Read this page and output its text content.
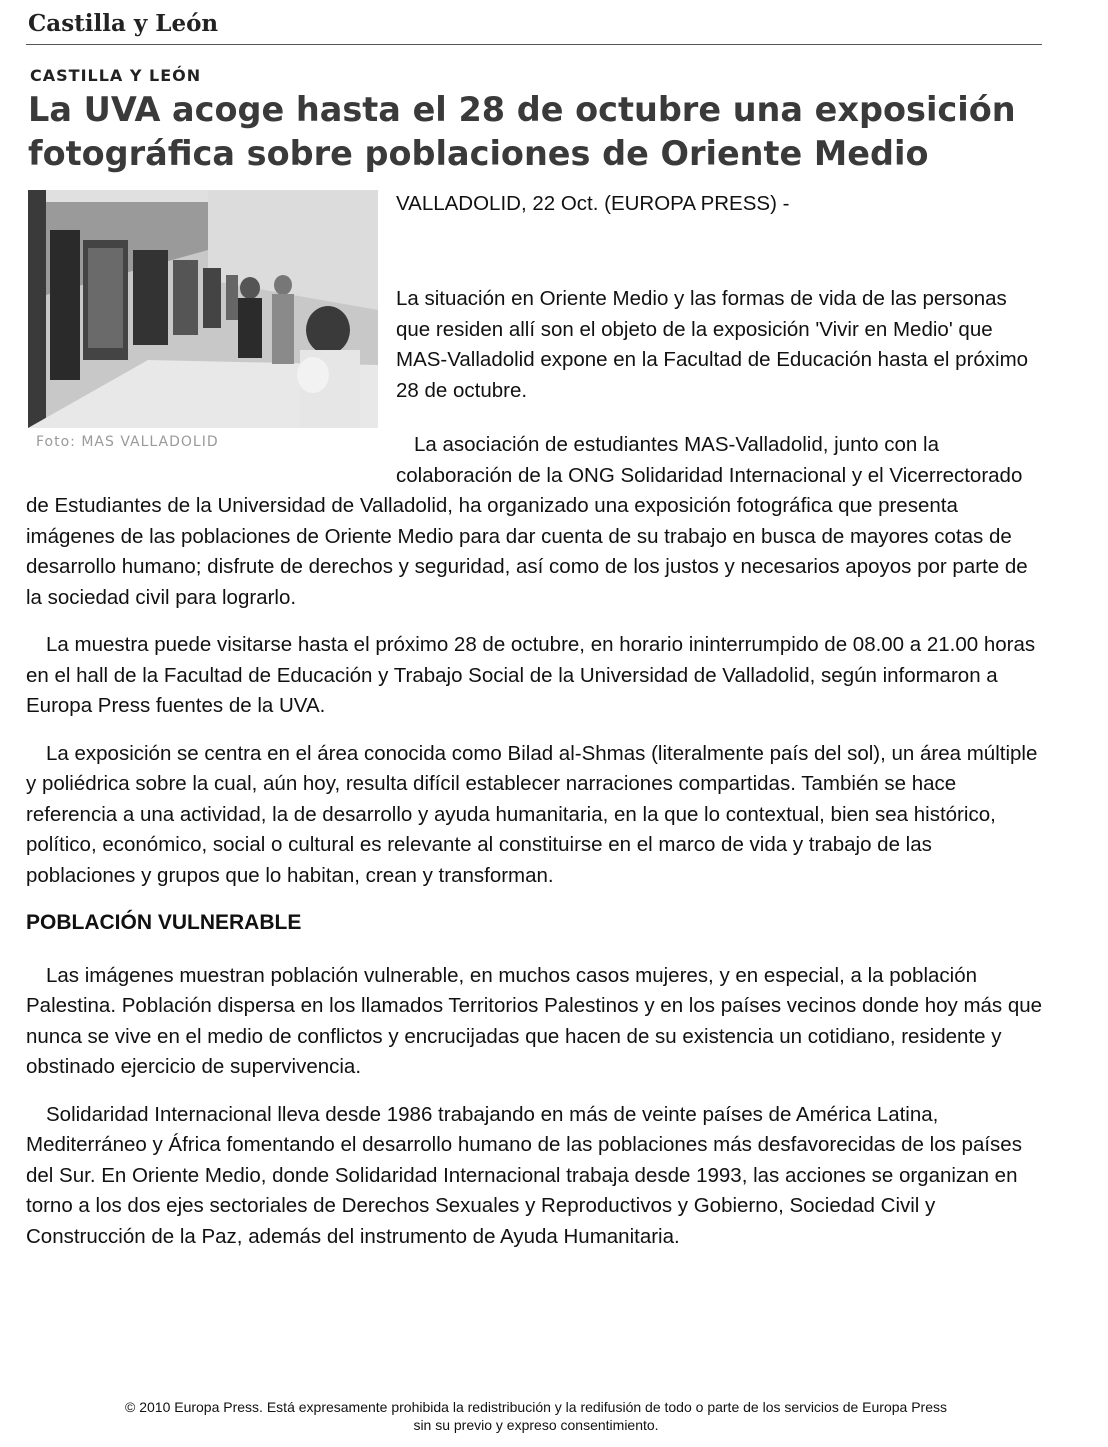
Castilla y León
CASTILLA Y LEÓN
La UVA acoge hasta el 28 de octubre una exposición fotográfica sobre poblaciones de Oriente Medio
Foto: MAS VALLADOLID
VALLADOLID, 22 Oct. (EUROPA PRESS) -

La situación en Oriente Medio y las formas de vida de las personas que residen allí son el objeto de la exposición 'Vivir en Medio' que MAS-Valladolid expone en la Facultad de Educación hasta el próximo 28 de octubre.

La asociación de estudiantes MAS-Valladolid, junto con la colaboración de la ONG Solidaridad Internacional y el Vicerrectorado de Estudiantes de la Universidad de Valladolid, ha organizado una exposición fotográfica que presenta imágenes de las poblaciones de Oriente Medio para dar cuenta de su trabajo en busca de mayores cotas de desarrollo humano; disfrute de derechos y seguridad, así como de los justos y necesarios apoyos por parte de la sociedad civil para lograrlo.

La muestra puede visitarse hasta el próximo 28 de octubre, en horario ininterrumpido de 08.00 a 21.00 horas en el hall de la Facultad de Educación y Trabajo Social de la Universidad de Valladolid, según informaron a Europa Press fuentes de la UVA.

La exposición se centra en el área conocida como Bilad al-Shmas (literalmente país del sol), un área múltiple y poliédrica sobre la cual, aún hoy, resulta difícil establecer narraciones compartidas. También se hace referencia a una actividad, la de desarrollo y ayuda humanitaria, en la que lo contextual, bien sea histórico, político, económico, social o cultural es relevante al constituirse en el marco de vida y trabajo de las poblaciones y grupos que lo habitan, crean y transforman.

POBLACIÓN VULNERABLE

Las imágenes muestran población vulnerable, en muchos casos mujeres, y en especial, a la población Palestina. Población dispersa en los llamados Territorios Palestinos y en los países vecinos donde hoy más que nunca se vive en el medio de conflictos y encrucijadas que hacen de su existencia un cotidiano, residente y obstinado ejercicio de supervivencia.

Solidaridad Internacional lleva desde 1986 trabajando en más de veinte países de América Latina, Mediterráneo y África fomentando el desarrollo humano de las poblaciones más desfavorecidas de los países del Sur. En Oriente Medio, donde Solidaridad Internacional trabaja desde 1993, las acciones se organizan en torno a los dos ejes sectoriales de Derechos Sexuales y Reproductivos y Gobierno, Sociedad Civil y Construcción de la Paz, además del instrumento de Ayuda Humanitaria.

© 2010 Europa Press. Está expresamente prohibida la redistribución y la redifusión de todo o parte de los servicios de Europa Press
sin su previo y expreso consentimiento.
